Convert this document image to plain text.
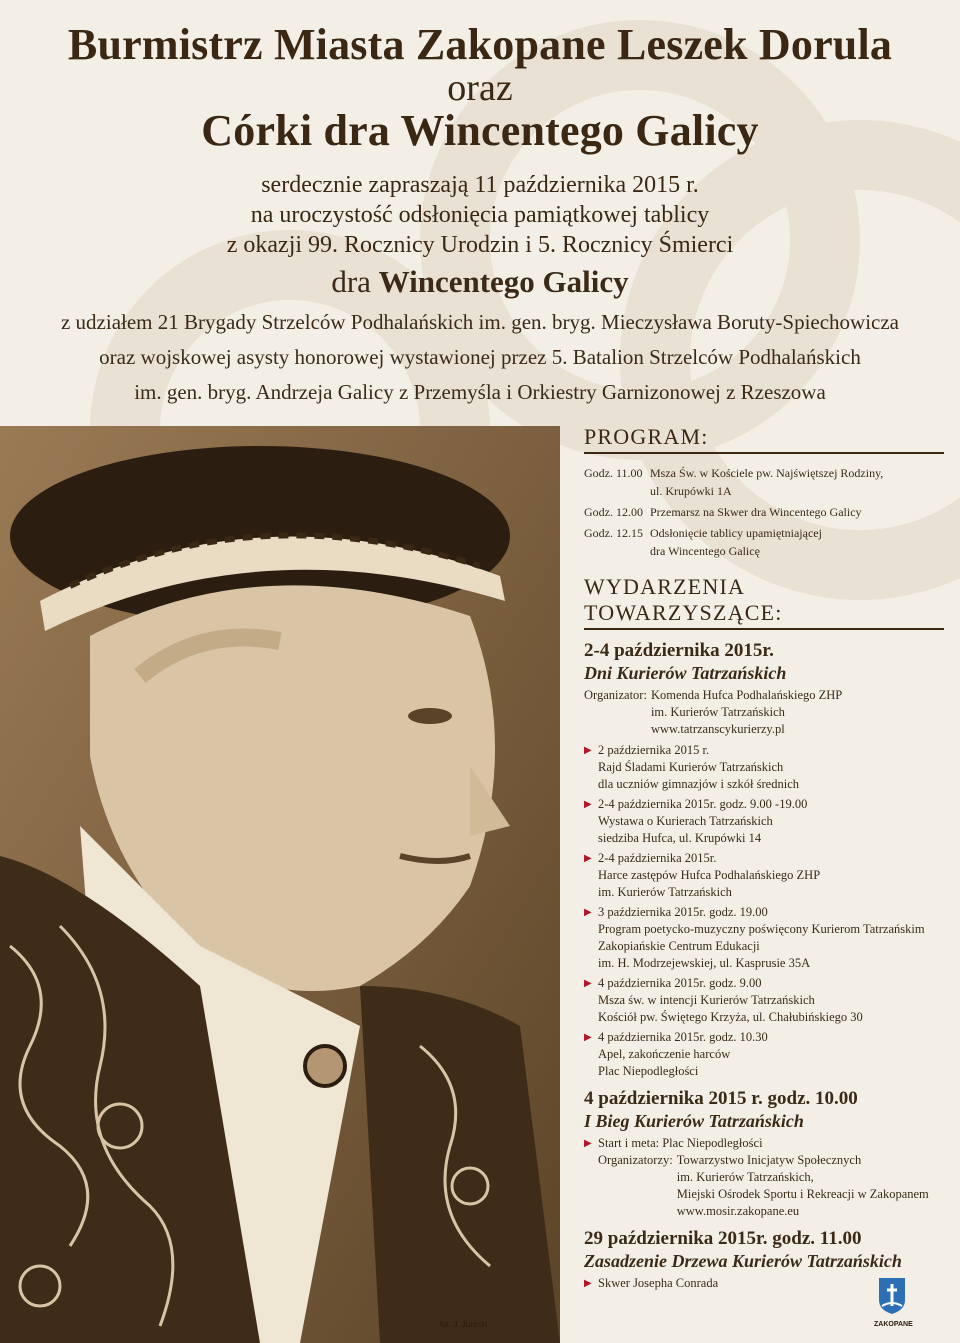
Burmistrz Miasta Zakopane Leszek Dorula
oraz
Córki dra Wincentego Galicy
serdecznie zapraszają 11 października 2015 r.
na uroczystość odsłonięcia pamiątkowej tablicy
z okazji 99. Rocznicy Urodzin i 5. Rocznicy Śmierci
dra Wincentego Galicy
z udziałem 21 Brygady Strzelców Podhalańskich im. gen. bryg. Mieczysława Boruty-Spiechowicza
oraz wojskowej asysty honorowej wystawionej przez 5. Batalion Strzelców Podhalańskich
im. gen. bryg. Andrzeja Galicy z Przemyśla i Orkiestry Garnizonowej z Rzeszowa
fot. J. Jurecki
PROGRAM:
Godz. 11.00 Msza Św. w Kościele pw. Najświętszej Rodziny,
ul. Krupówki 1A
Godz. 12.00 Przemarsz na Skwer dra Wincentego Galicy
Godz. 12.15 Odsłonięcie tablicy upamiętniającej
dra Wincentego Galicę
WYDARZENIA TOWARZYSZĄCE:
2-4 października 2015r.
Dni Kurierów Tatrzańskich
Organizator: Komenda Hufca Podhalańskiego ZHP
im. Kurierów Tatrzańskich
www.tatrzanscykurierzy.pl
▶ 2 października 2015 r.
Rajd Śladami Kurierów Tatrzańskich
dla uczniów gimnazjów i szkół średnich
▶ 2-4 października 2015r. godz. 9.00 -19.00
Wystawa o Kurierach Tatrzańskich
siedziba Hufca, ul. Krupówki 14
▶ 2-4 października 2015r.
Harce zastępów Hufca Podhalańskiego ZHP
im. Kurierów Tatrzańskich
▶ 3 października 2015r. godz. 19.00
Program poetycko-muzyczny poświęcony Kurierom Tatrzańskim
Zakopiańskie Centrum Edukacji
im. H. Modrzejewskiej, ul. Kasprusie 35A
▶ 4 października 2015r. godz. 9.00
Msza św. w intencji Kurierów Tatrzańskich
Kościół pw. Świętego Krzyża, ul. Chałubińskiego 30
▶ 4 października 2015r. godz. 10.30
Apel, zakończenie harców
Plac Niepodległości
4 października 2015 r. godz. 10.00
I Bieg Kurierów Tatrzańskich
▶ Start i meta: Plac Niepodległości
Organizatorzy: Towarzystwo Inicjatyw Społecznych
im. Kurierów Tatrzańskich,
Miejski Ośrodek Sportu i Rekreacji w Zakopanem
www.mosir.zakopane.eu
29 października 2015r. godz. 11.00
Zasadzenie Drzewa Kurierów Tatrzańskich
▶ Skwer Josepha Conrada
ZAKOPANE
